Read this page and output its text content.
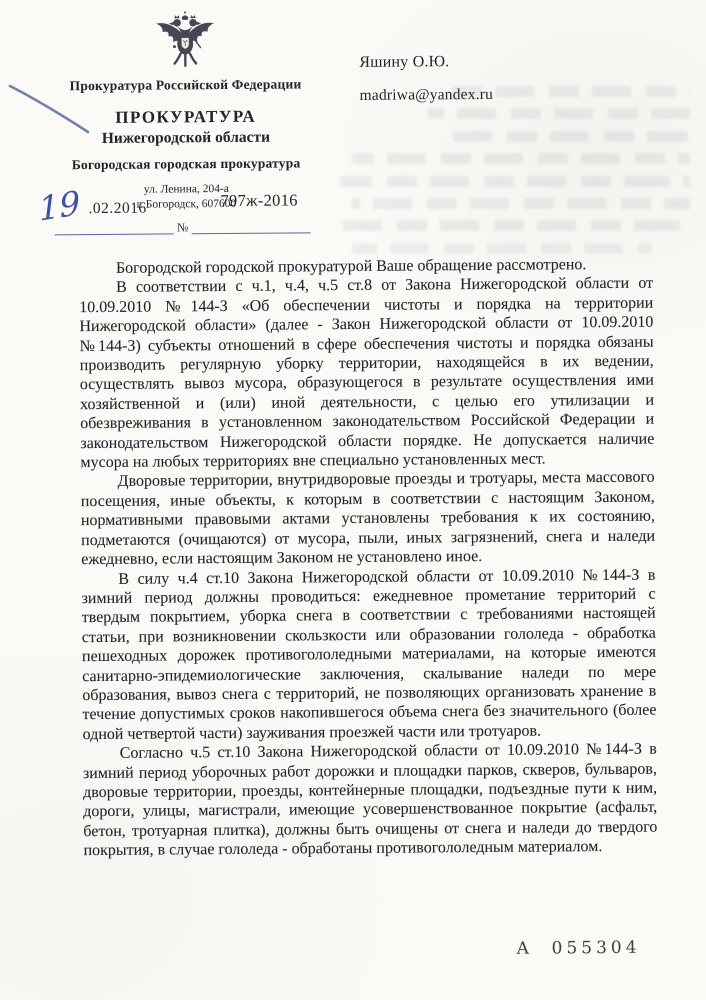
Прокуратура Российской Федерации
ПРОКУРАТУРА
Нижегородской области
Богородская городская прокуратура
ул. Ленина, 204-а
г. Богородск, 607600
19 .02.2016	797ж-2016
№
Яшину О.Ю.
madriwa@yandex.ru

Богородской городской прокуратурой Ваше обращение рассмотрено.

В соответствии с ч.1, ч.4, ч.5 ст.8 от Закона Нижегородской области от 10.09.2010 №144-З «Об обеспечении чистоты и порядка на территории Нижегородской области» (далее - Закон Нижегородской области от 10.09.2010 №144-З) субъекты отношений в сфере обеспечения чистоты и порядка обязаны производить регулярную уборку территории, находящейся в их ведении, осуществлять вывоз мусора, образующегося в результате осуществления ими хозяйственной и (или) иной деятельности, с целью его утилизации и обезвреживания в установленном законодательством Российской Федерации и законодательством Нижегородской области порядке. Не допускается наличие мусора на любых территориях вне специально установленных мест.

Дворовые территории, внутридворовые проезды и тротуары, места массового посещения, иные объекты, к которым в соответствии с настоящим Законом, нормативными правовыми актами установлены требования к их состоянию, подметаются (очищаются) от мусора, пыли, иных загрязнений, снега и наледи ежедневно, если настоящим Законом не установлено иное.

В силу ч.4 ст.10 Закона Нижегородской области от 10.09.2010 №144-З в зимний период должны проводиться: ежедневное прометание территорий с твердым покрытием, уборка снега в соответствии с требованиями настоящей статьи, при возникновении скользкости или образовании гололеда - обработка пешеходных дорожек противогололедными материалами, на которые имеются санитарно-эпидемиологические заключения, скалывание наледи по мере образования, вывоз снега с территорий, не позволяющих организовать хранение в течение допустимых сроков накопившегося объема снега без значительного (более одной четвертой части) зауживания проезжей части или тротуаров.

Согласно ч.5 ст.10 Закона Нижегородской области от 10.09.2010 №144-З в зимний период уборочных работ дорожки и площадки парков, скверов, бульваров, дворовые территории, проезды, контейнерные площадки, подъездные пути к ним, дороги, улицы, магистрали, имеющие усовершенствованное покрытие (асфальт, бетон, тротуарная плитка), должны быть очищены от снега и наледи до твердого покрытия, в случае гололеда - обработаны противогололедным материалом.

А 055304
